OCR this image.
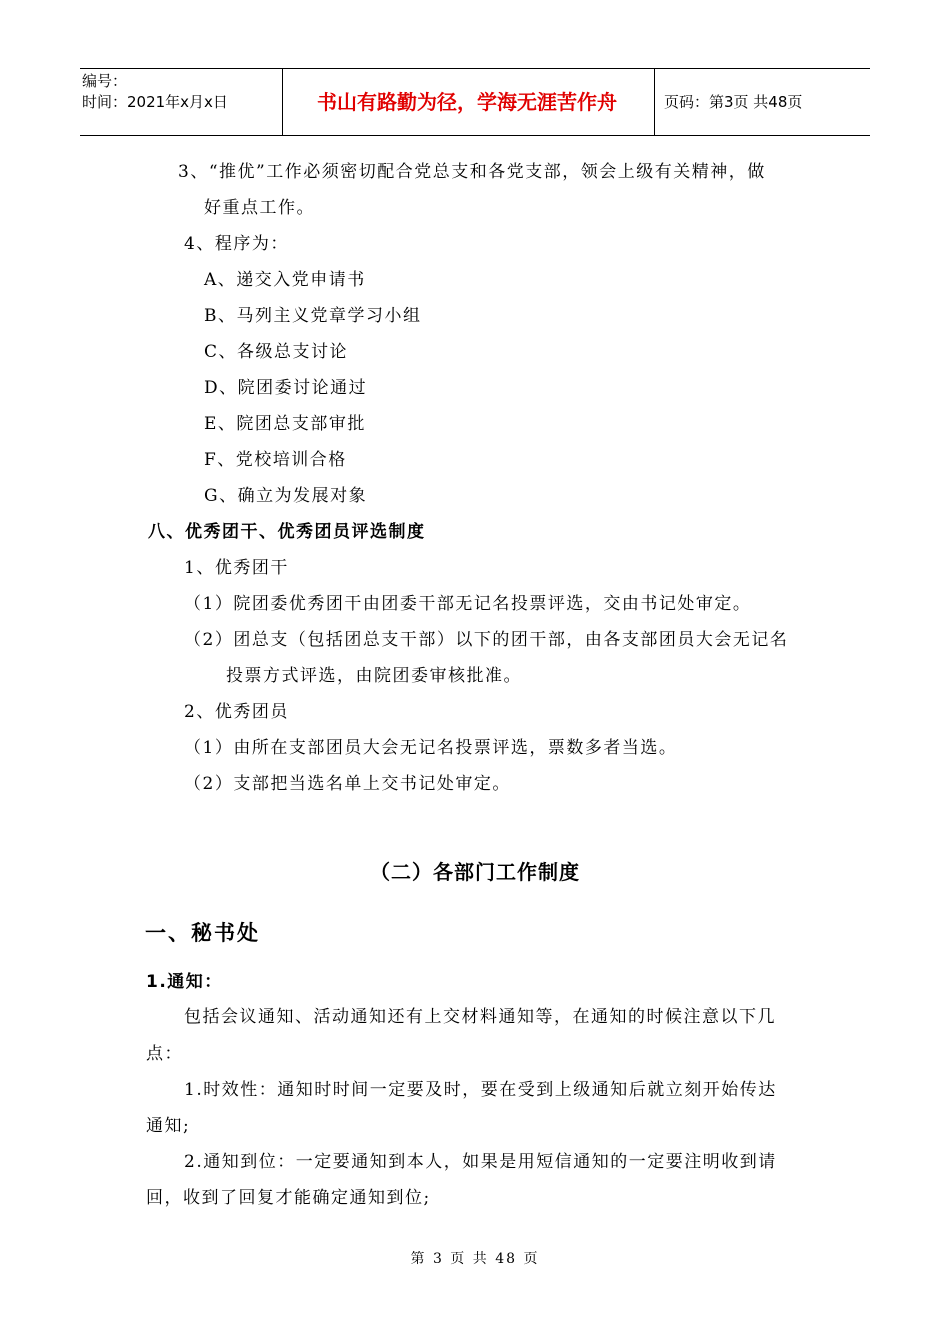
编号：
时间：2021年x月x日	书山有路勤为径，学海无涯苦作舟	页码：第3页 共48页
3、“推优”工作必须密切配合党总支和各党支部，领会上级有关精神，做
好重点工作。
4、程序为：
A、递交入党申请书
B、马列主义党章学习小组
C、各级总支讨论
D、院团委讨论通过
E、院团总支部审批
F、党校培训合格
G、确立为发展对象
八、优秀团干、优秀团员评选制度
1、优秀团干
（1）院团委优秀团干由团委干部无记名投票评选，交由书记处审定。
（2）团总支（包括团总支干部）以下的团干部，由各支部团员大会无记名
投票方式评选，由院团委审核批准。
2、优秀团员
（1）由所在支部团员大会无记名投票评选，票数多者当选。
（2）支部把当选名单上交书记处审定。
（二）各部门工作制度
一、秘书处
1.通知：
包括会议通知、活动通知还有上交材料通知等，在通知的时候注意以下几
点：
1.时效性：通知时时间一定要及时，要在受到上级通知后就立刻开始传达
通知;
2.通知到位：一定要通知到本人，如果是用短信通知的一定要注明收到请
回，收到了回复才能确定通知到位;
第 3 页 共 48 页
